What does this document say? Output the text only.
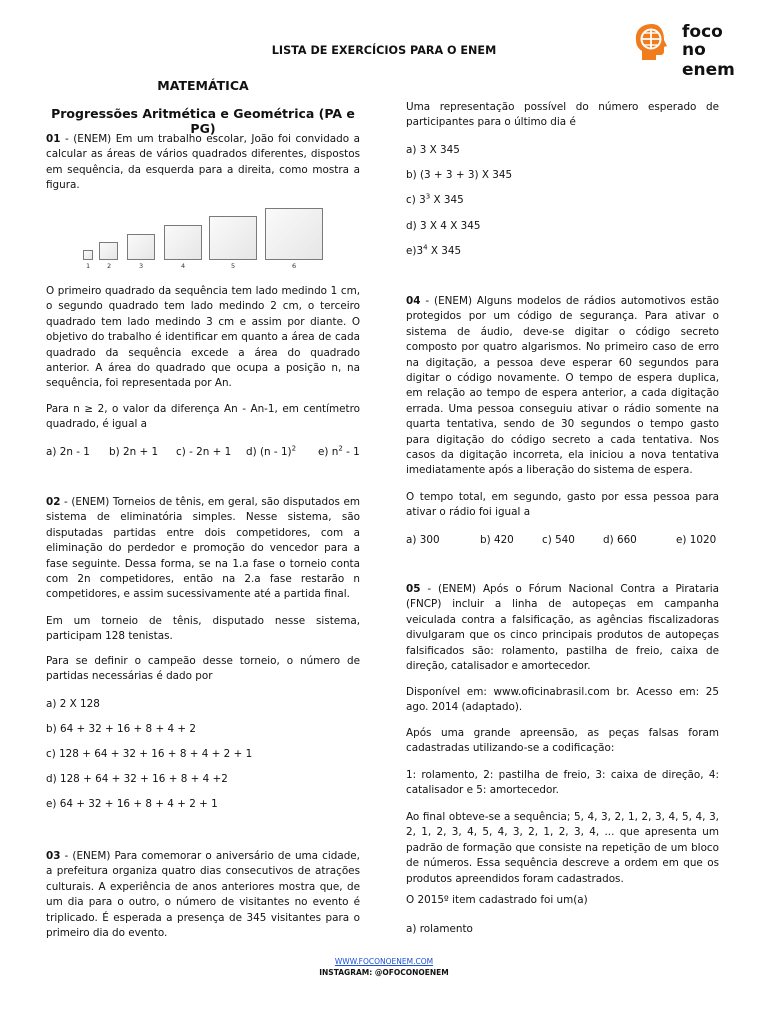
LISTA DE EXERCÍCIOS PARA O ENEM
foco
no enem
MATEMÁTICA
Progressões Aritmética e Geométrica (PA e PG)
01 - (ENEM) Em um trabalho escolar, João foi convidado a calcular as áreas de vários quadrados diferentes, dispostos em sequência, da esquerda para a direita, como mostra a figura.
1	2	3	4	5	6
O primeiro quadrado da sequência tem lado medindo 1 cm, o segundo quadrado tem lado medindo 2 cm, o terceiro quadrado tem lado medindo 3 cm e assim por diante. O objetivo do trabalho é identificar em quanto a área de cada quadrado da sequência excede a área do quadrado anterior. A área do quadrado que ocupa a posição n, na sequência, foi representada por An.
Para n ≥ 2, o valor da diferença An - An-1, em centímetro quadrado, é igual a
a) 2n - 1 b) 2n + 1 c) - 2n + 1 d) (n - 1)$^2$ e) $n^2 - 1$
02 - (ENEM) Torneios de tênis, em geral, são disputados em sistema de eliminatória simples. Nesse sistema, são disputadas partidas entre dois competidores, com a eliminação do perdedor e promoção do vencedor para a fase seguinte. Dessa forma, se na 1.a fase o torneio conta com 2n competidores, então na 2.a fase restarão n competidores, e assim sucessivamente até a partida final.
Em um torneio de tênis, disputado nesse sistema, participam 128 tenistas.
Para se definir o campeão desse torneio, o número de partidas necessárias é dado por
a) 2 X 128
b) 64 + 32 + 16 + 8 + 4 + 2
c) 128 + 64 + 32 + 16 + 8 + 4 + 2 + 1
d) 128 + 64 + 32 + 16 + 8 + 4 +2
e) 64 + 32 + 16 + 8 + 4 + 2 + 1
03 - (ENEM) Para comemorar o aniversário de uma cidade, a prefeitura organiza quatro dias consecutivos de atrações culturais. A experiência de anos anteriores mostra que, de um dia para o outro, o número de visitantes no evento é triplicado. É esperada a presença de 345 visitantes para o primeiro dia do evento.
Uma representação possível do número esperado de participantes para o último dia é
a) 3 X 345
b) (3 + 3 + 3) X 345
c) $3^3$ X 345
d) 3 X 4 X 345
$e)3^4$ X 345
04 - (ENEM) Alguns modelos de rádios automotivos estão protegidos por um código de segurança. Para ativar o sistema de áudio, deve-se digitar o código secreto composto por quatro algarismos. No primeiro caso de erro na digitação, a pessoa deve esperar 60 segundos para digitar o código novamente. O tempo de espera duplica, em relação ao tempo de espera anterior, a cada digitação errada. Uma pessoa conseguiu ativar o rádio somente na quarta tentativa, sendo de 30 segundos o tempo gasto para digitação do código secreto a cada tentativa. Nos casos da digitação incorreta, ela iniciou a nova tentativa imediatamente após a liberação do sistema de espera.
O tempo total, em segundo, gasto por essa pessoa para ativar o rádio foi igual a
a) 300	b) 420	c) 540	d) 660	e) 1020
05 - (ENEM) Após o Fórum Nacional Contra a Pirataria (FNCP) incluir a linha de autopeças em campanha veiculada contra a falsificação, as agências fiscalizadoras divulgaram que os cinco principais produtos de autopeças falsificados são: rolamento, pastilha de freio, caixa de direção, catalisador e amortecedor.
Disponível em: www.oficinabrasil.com br. Acesso em: 25 ago. 2014 (adaptado).
Após uma grande apreensão, as peças falsas foram cadastradas utilizando-se a codificação:
1: rolamento, 2: pastilha de freio, 3: caixa de direção, 4: catalisador e 5: amortecedor.
Ao final obteve-se a sequência; 5, 4, 3, 2, 1, 2, 3, 4, 5, 4, 3, 2, 1, 2, 3, 4, 5, 4, 3, 2, 1, 2, 3, 4, ... que apresenta um padrão de formação que consiste na repetição de um bloco de números. Essa sequência descreve a ordem em que os produtos apreendidos foram cadastrados.
O 2015º item cadastrado foi um(a)
a) rolamento
WWW.FOCONOENEM.COM
INSTAGRAM: @OFOCONOENEM
